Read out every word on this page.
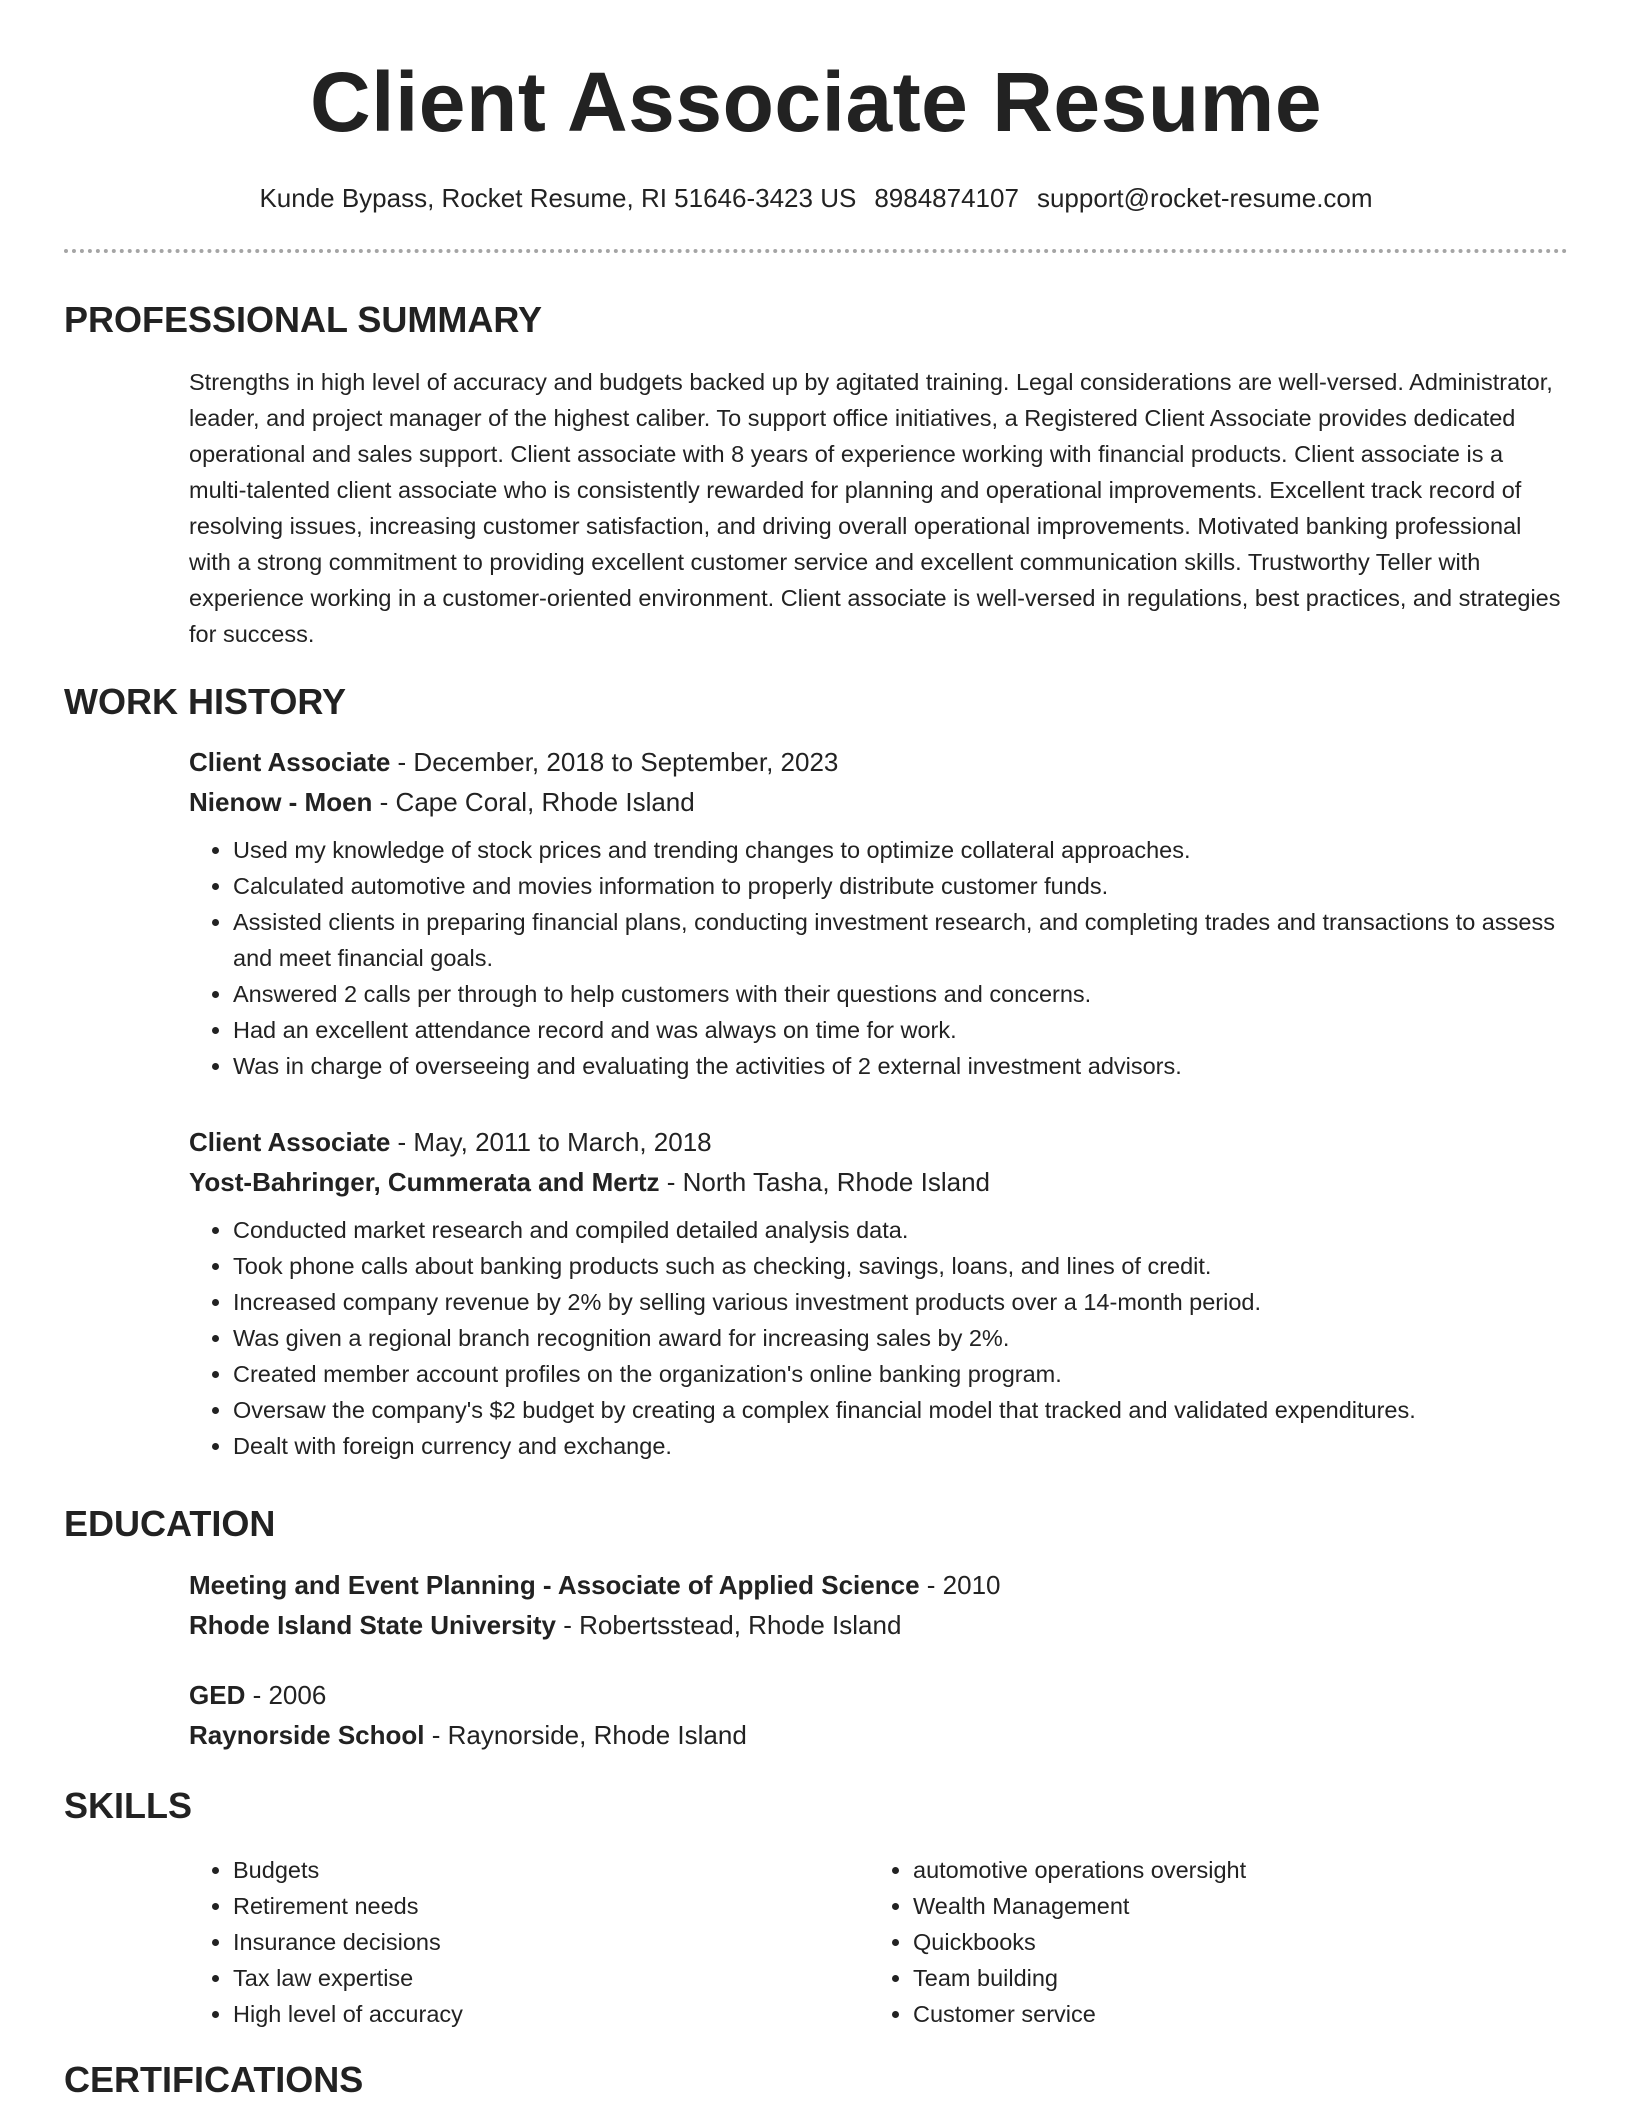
Client Associate Resume
Kunde Bypass, Rocket Resume, RI 51646-3423 US 8984874107 support@rocket-resume.com
PROFESSIONAL SUMMARY
Strengths in high level of accuracy and budgets backed up by agitated training. Legal considerations are well-versed. Administrator, leader, and project manager of the highest caliber. To support office initiatives, a Registered Client Associate provides dedicated operational and sales support. Client associate with 8 years of experience working with financial products. Client associate is a multi-talented client associate who is consistently rewarded for planning and operational improvements. Excellent track record of resolving issues, increasing customer satisfaction, and driving overall operational improvements. Motivated banking professional with a strong commitment to providing excellent customer service and excellent communication skills. Trustworthy Teller with experience working in a customer-oriented environment. Client associate is well-versed in regulations, best practices, and strategies for success.
WORK HISTORY
Client Associate - December, 2018 to September, 2023
Nienow - Moen - Cape Coral, Rhode Island
• Used my knowledge of stock prices and trending changes to optimize collateral approaches.
• Calculated automotive and movies information to properly distribute customer funds.
• Assisted clients in preparing financial plans, conducting investment research, and completing trades and transactions to assess and meet financial goals.
• Answered 2 calls per through to help customers with their questions and concerns.
• Had an excellent attendance record and was always on time for work.
• Was in charge of overseeing and evaluating the activities of 2 external investment advisors.
Client Associate - May, 2011 to March, 2018
Yost-Bahringer, Cummerata and Mertz - North Tasha, Rhode Island
• Conducted market research and compiled detailed analysis data.
• Took phone calls about banking products such as checking, savings, loans, and lines of credit.
• Increased company revenue by 2% by selling various investment products over a 14-month period.
• Was given a regional branch recognition award for increasing sales by 2%.
• Created member account profiles on the organization's online banking program.
• Oversaw the company's $2 budget by creating a complex financial model that tracked and validated expenditures.
• Dealt with foreign currency and exchange.
EDUCATION
Meeting and Event Planning - Associate of Applied Science - 2010
Rhode Island State University - Robertsstead, Rhode Island
GED - 2006
Raynorside School - Raynorside, Rhode Island
SKILLS
• Budgets
• Retirement needs
• Insurance decisions
• Tax law expertise
• High level of accuracy
• automotive operations oversight
• Wealth Management
• Quickbooks
• Team building
• Customer service
CERTIFICATIONS
